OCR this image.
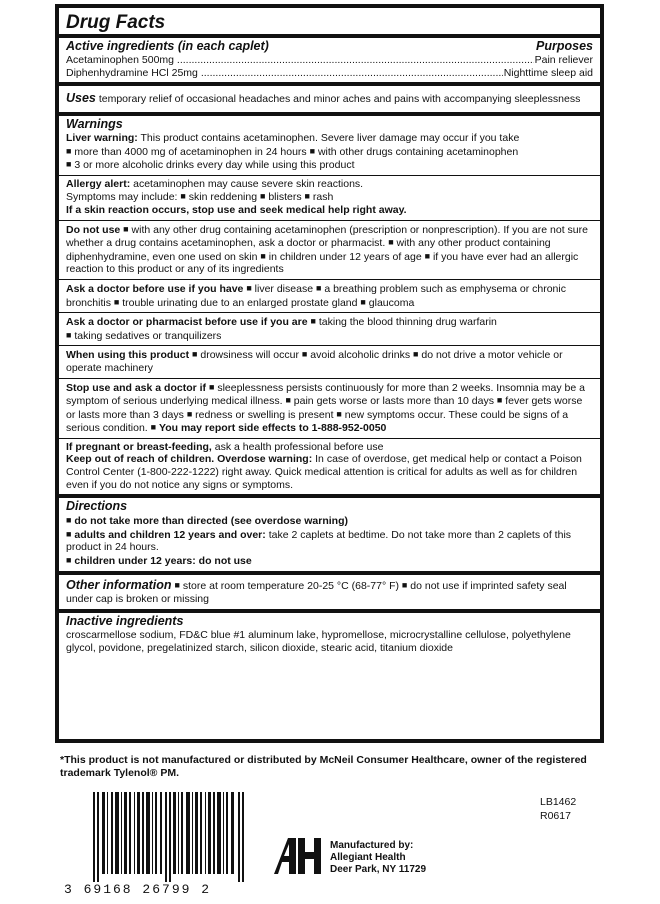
Drug Facts
Active ingredients (in each caplet)	Purposes
Acetaminophen 500mg .....	Pain reliever
Diphenhydramine HCl 25mg .....	Nighttime sleep aid
Uses temporary relief of occasional headaches and minor aches and pains with accompanying sleeplessness
Warnings
Liver warning: This product contains acetaminophen. Severe liver damage may occur if you take
■ more than 4000 mg of acetaminophen in 24 hours ■ with other drugs containing acetaminophen
■ 3 or more alcoholic drinks every day while using this product
Allergy alert: acetaminophen may cause severe skin reactions.
Symptoms may include: ■ skin reddening ■ blisters ■ rash
If a skin reaction occurs, stop use and seek medical help right away.
Do not use ■ with any other drug containing acetaminophen (prescription or nonprescription). If you are not sure whether a drug contains acetaminophen, ask a doctor or pharmacist. ■ with any other product containing diphenhydramine, even one used on skin ■ in children under 12 years of age ■ if you have ever had an allergic reaction to this product or any of its ingredients
Ask a doctor before use if you have ■ liver disease ■ a breathing problem such as emphysema or chronic bronchitis ■ trouble urinating due to an enlarged prostate gland ■ glaucoma
Ask a doctor or pharmacist before use if you are ■ taking the blood thinning drug warfarin
■ taking sedatives or tranquilizers
When using this product ■ drowsiness will occur ■ avoid alcoholic drinks ■ do not drive a motor vehicle or operate machinery
Stop use and ask a doctor if ■ sleeplessness persists continuously for more than 2 weeks. Insomnia may be a symptom of serious underlying medical illness. ■ pain gets worse or lasts more than 10 days ■ fever gets worse or lasts more than 3 days ■ redness or swelling is present ■ new symptoms occur. These could be signs of a serious condition. ■ You may report side effects to 1-888-952-0050
If pregnant or breast-feeding, ask a health professional before use
Keep out of reach of children. Overdose warning: In case of overdose, get medical help or contact a Poison Control Center (1-800-222-1222) right away. Quick medical attention is critical for adults as well as for children even if you do not notice any signs or symptoms.
Directions
■ do not take more than directed (see overdose warning)
■ adults and children 12 years and over: take 2 caplets at bedtime. Do not take more than 2 caplets of this product in 24 hours.
■ children under 12 years: do not use
Other information ■ store at room temperature 20-25 °C (68-77° F) ■ do not use if imprinted safety seal under cap is broken or missing
Inactive ingredients
croscarmellose sodium, FD&C blue #1 aluminum lake, hypromellose, microcrystalline cellulose, polyethylene glycol, povidone, pregelatinized starch, silicon dioxide, stearic acid, titanium dioxide
*This product is not manufactured or distributed by McNeil Consumer Healthcare, owner of the registered trademark Tylenol® PM.
LB1462
R0617
3 69168 26799 2
Manufactured by:
Allegiant Health
Deer Park, NY 11729
